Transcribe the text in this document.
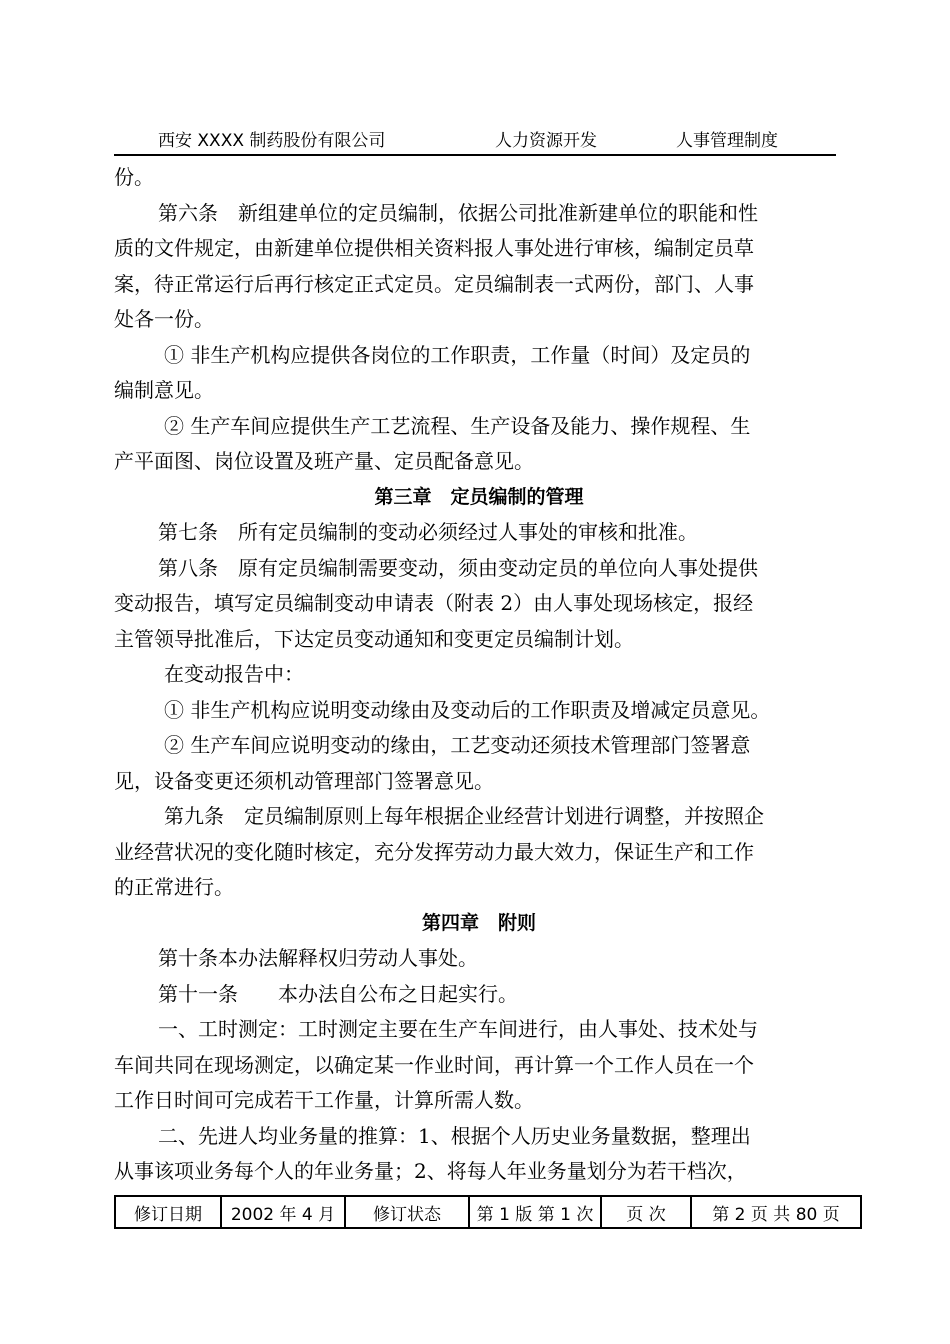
西安 XXXX 制药股份有限公司	人力资源开发	人事管理制度

份。

第六条　新组建单位的定员编制，依据公司批准新建单位的职能和性

质的文件规定，由新建单位提供相关资料报人事处进行审核，编制定员草

案，待正常运行后再行核定正式定员。定员编制表一式两份，部门、人事

处各一份。

① 非生产机构应提供各岗位的工作职责，工作量（时间）及定员的

编制意见。

② 生产车间应提供生产工艺流程、生产设备及能力、操作规程、生

产平面图、岗位设置及班产量、定员配备意见。

第三章　定员编制的管理

第七条　所有定员编制的变动必须经过人事处的审核和批准。

第八条　原有定员编制需要变动，须由变动定员的单位向人事处提供

变动报告，填写定员编制变动申请表（附表 2）由人事处现场核定，报经

主管领导批准后，下达定员变动通知和变更定员编制计划。

在变动报告中：

① 非生产机构应说明变动缘由及变动后的工作职责及增减定员意见。

② 生产车间应说明变动的缘由，工艺变动还须技术管理部门签署意

见，设备变更还须机动管理部门签署意见。

第九条　定员编制原则上每年根据企业经营计划进行调整，并按照企

业经营状况的变化随时核定，充分发挥劳动力最大效力，保证生产和工作

的正常进行。

第四章　附则

第十条本办法解释权归劳动人事处。

第十一条　　本办法自公布之日起实行。

一、工时测定：工时测定主要在生产车间进行，由人事处、技术处与

车间共同在现场测定，以确定某一作业时间，再计算一个工作人员在一个

工作日时间可完成若干工作量，计算所需人数。

二、先进人均业务量的推算：1、根据个人历史业务量数据，整理出

从事该项业务每个人的年业务量；2、将每人年业务量划分为若干档次，

修订日期	2002 年 4 月	修订状态	第 1 版 第 1 次	页 次	第 2 页 共 80 页
